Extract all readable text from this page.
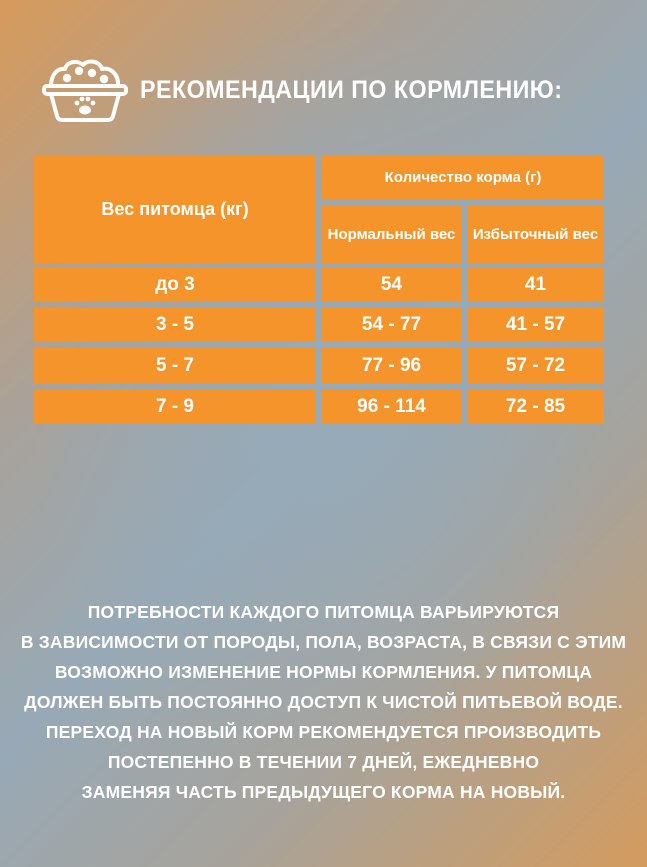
РЕКОМЕНДАЦИИ ПО КОРМЛЕНИЮ:
Вес питомца (кг)
Количество корма (г)
Нормальный вес	Избыточный вес
до 3	54	41
3 - 5	54 - 77	41 - 57
5 - 7	77 - 96	57 - 72
7 - 9	96 - 114	72 - 85
ПОТРЕБНОСТИ КАЖДОГО ПИТОМЦА ВАРЬИРУЮТСЯ
В ЗАВИСИМОСТИ ОТ ПОРОДЫ, ПОЛА, ВОЗРАСТА, В СВЯЗИ С ЭТИМ
ВОЗМОЖНО ИЗМЕНЕНИЕ НОРМЫ КОРМЛЕНИЯ. У ПИТОМЦА
ДОЛЖЕН БЫТЬ ПОСТОЯННО ДОСТУП К ЧИСТОЙ ПИТЬЕВОЙ ВОДЕ.
ПЕРЕХОД НА НОВЫЙ КОРМ РЕКОМЕНДУЕТСЯ ПРОИЗВОДИТЬ
ПОСТЕПЕННО В ТЕЧЕНИИ 7 ДНЕЙ, ЕЖЕДНЕВНО
ЗАМЕНЯЯ ЧАСТЬ ПРЕДЫДУЩЕГО КОРМА НА НОВЫЙ.
